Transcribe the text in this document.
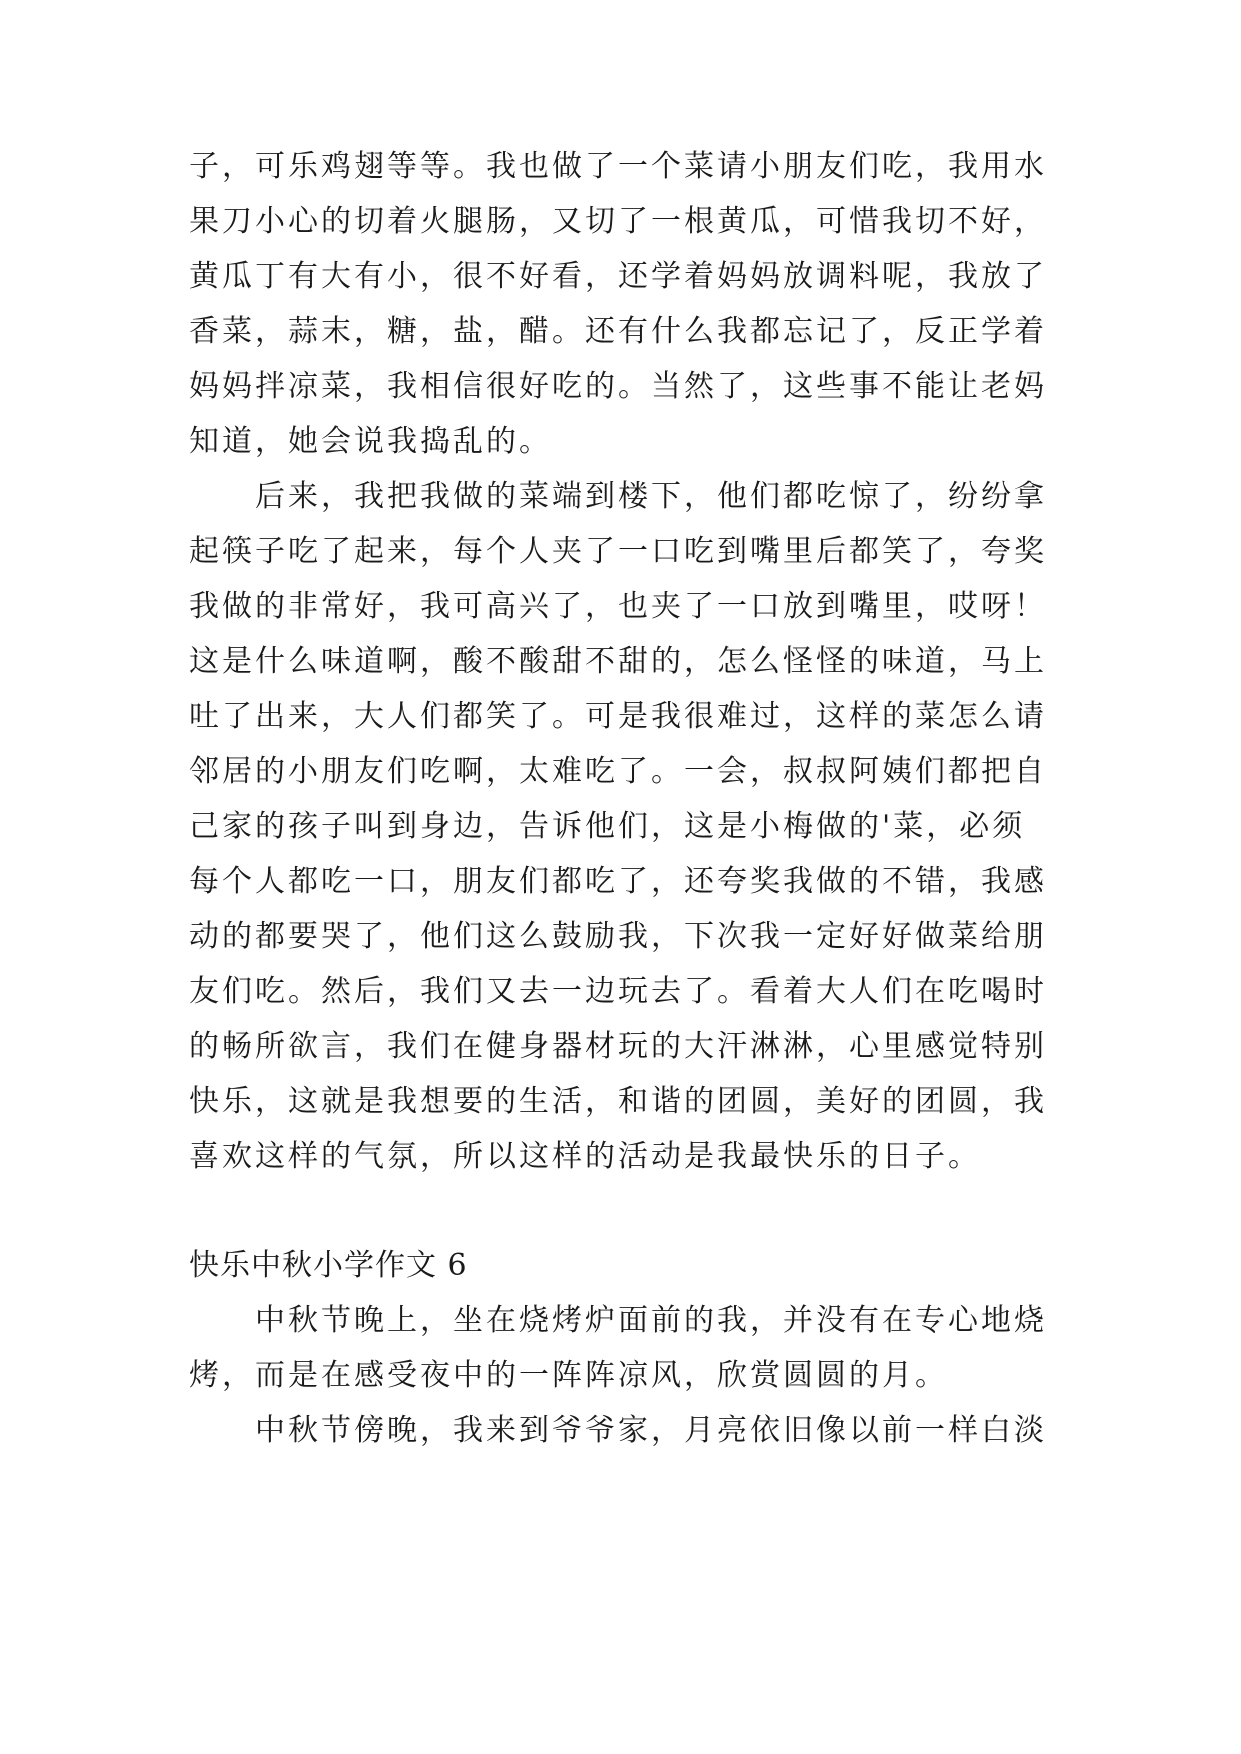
子，可乐鸡翅等等。我也做了一个菜请小朋友们吃，我用水
果刀小心的切着火腿肠，又切了一根黄瓜，可惜我切不好，
黄瓜丁有大有小，很不好看，还学着妈妈放调料呢，我放了
香菜，蒜末，糖，盐，醋。还有什么我都忘记了，反正学着
妈妈拌凉菜，我相信很好吃的。当然了，这些事不能让老妈
知道，她会说我捣乱的。
　　后来，我把我做的菜端到楼下，他们都吃惊了，纷纷拿
起筷子吃了起来，每个人夹了一口吃到嘴里后都笑了，夸奖
我做的非常好，我可高兴了，也夹了一口放到嘴里，哎呀！
这是什么味道啊，酸不酸甜不甜的，怎么怪怪的味道，马上
吐了出来，大人们都笑了。可是我很难过，这样的菜怎么请
邻居的小朋友们吃啊，太难吃了。一会，叔叔阿姨们都把自
己家的孩子叫到身边，告诉他们，这是小梅做的'菜，必须
每个人都吃一口，朋友们都吃了，还夸奖我做的不错，我感
动的都要哭了，他们这么鼓励我，下次我一定好好做菜给朋
友们吃。然后，我们又去一边玩去了。看着大人们在吃喝时
的畅所欲言，我们在健身器材玩的大汗淋淋，心里感觉特别
快乐，这就是我想要的生活，和谐的团圆，美好的团圆，我
喜欢这样的气氛，所以这样的活动是我最快乐的日子。
快乐中秋小学作文 6
　　中秋节晚上，坐在烧烤炉面前的我，并没有在专心地烧
烤，而是在感受夜中的一阵阵凉风，欣赏圆圆的月。
　　中秋节傍晚，我来到爷爷家，月亮依旧像以前一样白淡
